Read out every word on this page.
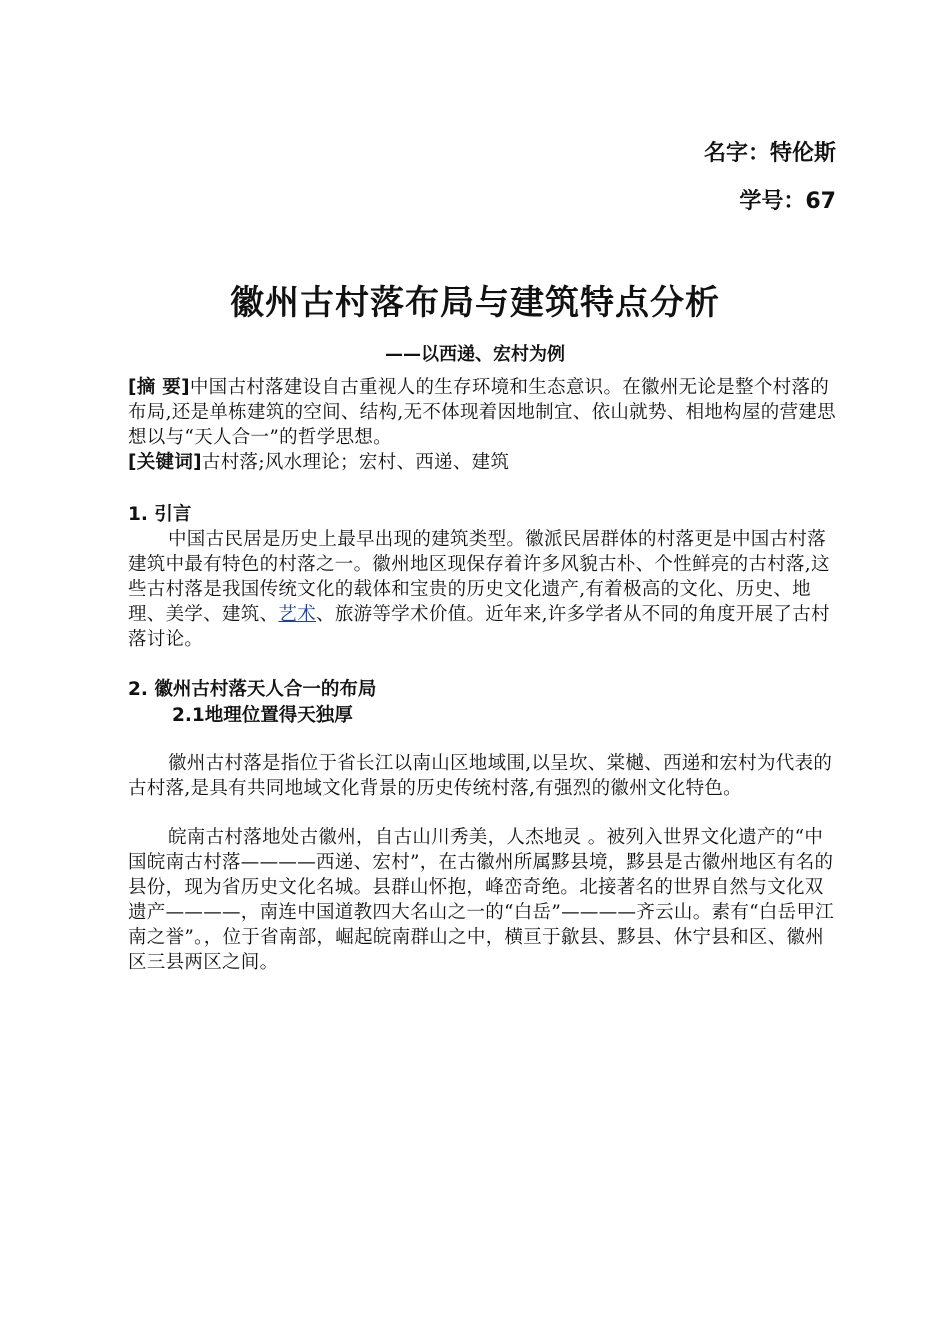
名字：特伦斯
学号：67
徽州古村落布局与建筑特点分析
——以西递、宏村为例
[摘 要]中国古村落建设自古重视人的生存环境和生态意识。在徽州无论是整个村落的布局,还是单栋建筑的空间、结构,无不体现着因地制宜、依山就势、相地构屋的营建思想以与“天人合一”的哲学思想。
[关键词]古村落;风水理论；宏村、西递、建筑
1. 引言
中国古民居是历史上最早出现的建筑类型。徽派民居群体的村落更是中国古村落建筑中最有特色的村落之一。徽州地区现保存着许多风貌古朴、个性鲜亮的古村落,这些古村落是我国传统文化的载体和宝贵的历史文化遗产,有着极高的文化、历史、地理、美学、建筑、艺术、旅游等学术价值。近年来,许多学者从不同的角度开展了古村落讨论。
2. 徽州古村落天人合一的布局
2.1地理位置得天独厚
徽州古村落是指位于省长江以南山区地域围,以呈坎、棠樾、西递和宏村为代表的古村落,是具有共同地域文化背景的历史传统村落,有强烈的徽州文化特色。
皖南古村落地处古徽州，自古山川秀美，人杰地灵 。被列入世界文化遗产的“中国皖南古村落————西递、宏村”，在古徽州所属黟县境，黟县是古徽州地区有名的县份，现为省历史文化名城。县群山怀抱，峰峦奇绝。北接著名的世界自然与文化双遗产————，南连中国道教四大名山之一的“白岳”————齐云山。素有“白岳甲江南之誉”。，位于省南部，崛起皖南群山之中，横亘于歙县、黟县、休宁县和区、徽州区三县两区之间。
